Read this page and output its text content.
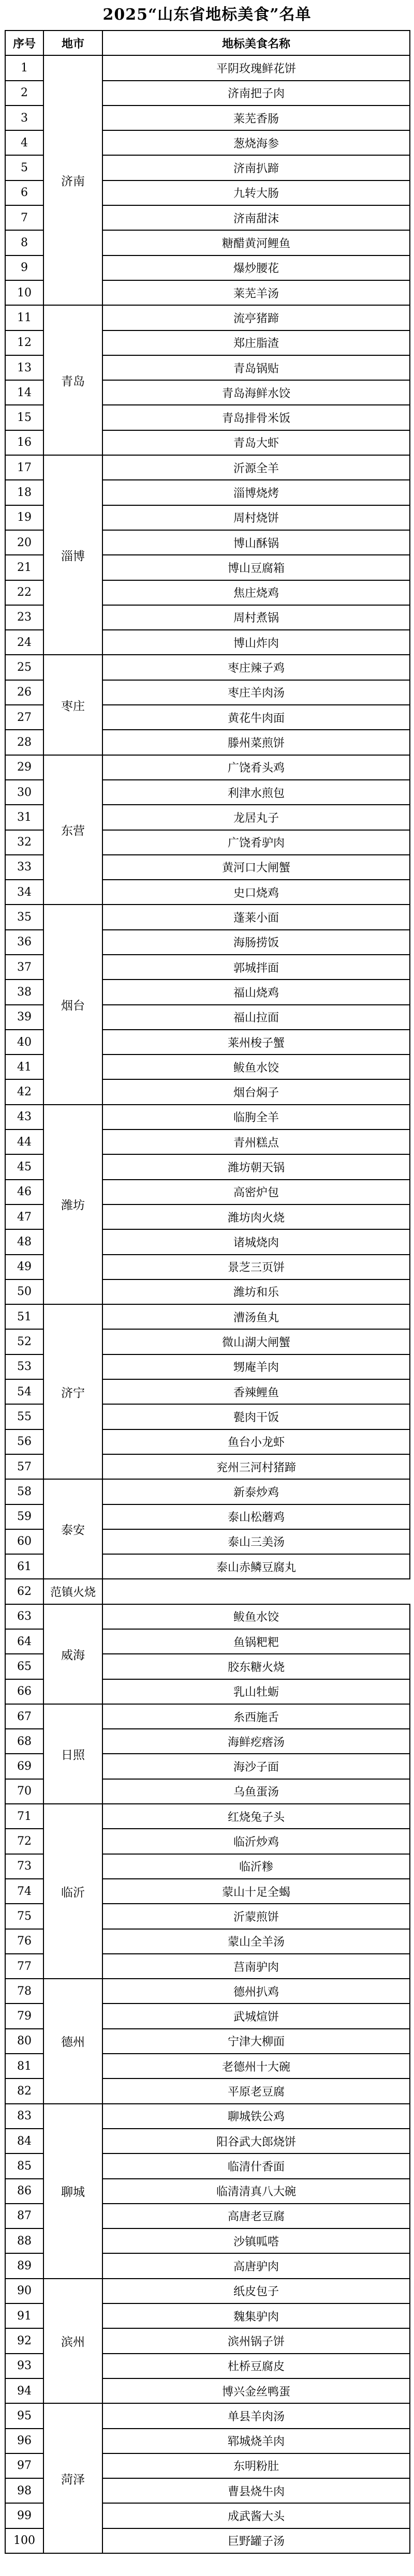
2025“山东省地标美食”名单
序号	地市	地标美食名称
1	济南	平阴玫瑰鲜花饼
2		济南把子肉
3		莱芜香肠
4		葱烧海参
5		济南扒蹄
6		九转大肠
7		济南甜沫
8		糖醋黄河鲤鱼
9		爆炒腰花
10		莱芜羊汤
11	青岛	流亭猪蹄
12		郑庄脂渣
13		青岛锅贴
14		青岛海鲜水饺
15		青岛排骨米饭
16		青岛大虾
17	淄博	沂源全羊
18		淄博烧烤
19		周村烧饼
20		博山酥锅
21		博山豆腐箱
22		焦庄烧鸡
23		周村煮锅
24		博山炸肉
25	枣庄	枣庄辣子鸡
26		枣庄羊肉汤
27		黄花牛肉面
28		滕州菜煎饼
29	东营	广饶肴头鸡
30		利津水煎包
31		龙居丸子
32		广饶肴驴肉
33		黄河口大闸蟹
34		史口烧鸡
35	烟台	蓬莱小面
36		海肠捞饭
37		郭城拌面
38		福山烧鸡
39		福山拉面
40		莱州梭子蟹
41		鲅鱼水饺
42		烟台焖子
43	潍坊	临朐全羊
44		青州糕点
45		潍坊朝天锅
46		高密炉包
47		潍坊肉火烧
48		诸城烧肉
49		景芝三页饼
50		潍坊和乐
51	济宁	漕汤鱼丸
52		微山湖大闸蟹
53		甥庵羊肉
54		香辣鲤鱼
55		甏肉干饭
56		鱼台小龙虾
57		兖州三河村猪蹄
58	泰安	新泰炒鸡
59		泰山松蘑鸡
60		泰山三美汤
61		泰山赤鳞豆腐丸
62	范镇火烧	
63	威海	鲅鱼水饺
64		鱼锅粑粑
65		胶东糖火烧
66		乳山牡蛎
67	日照	糸西施舌
68		海鲜疙瘩汤
69		海沙子面
70		乌鱼蛋汤
71	临沂	红烧兔子头
72		临沂炒鸡
73		临沂糁
74		蒙山十足全蝎
75		沂蒙煎饼
76		蒙山全羊汤
77		莒南驴肉
78	德州	德州扒鸡
79		武城煊饼
80		宁津大柳面
81		老德州十大碗
82		平原老豆腐
83	聊城	聊城铁公鸡
84		阳谷武大郎烧饼
85		临清什香面
86		临清清真八大碗
87		高唐老豆腐
88		沙镇呱嗒
89		高唐驴肉
90	滨州	纸皮包子
91		魏集驴肉
92		滨州锅子饼
93		杜桥豆腐皮
94		博兴金丝鸭蛋
95	菏泽	单县羊肉汤
96		郓城烧羊肉
97		东明粉肚
98		曹县烧牛肉
99		成武酱大头
100		巨野罐子汤
